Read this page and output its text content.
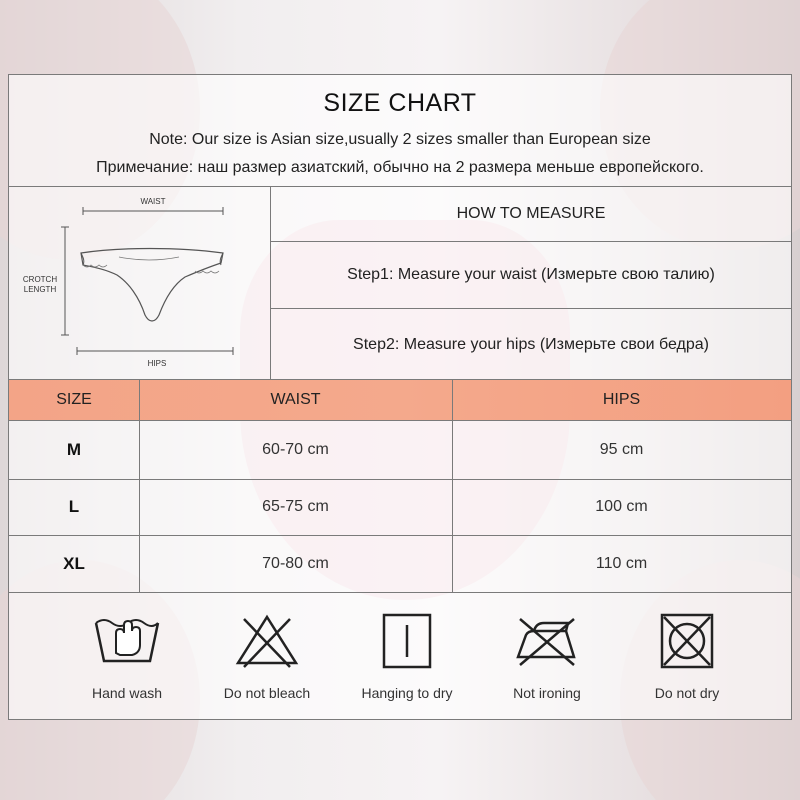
SIZE CHART
Note: Our size is Asian size,usually 2 sizes smaller than European size
Примечание: наш размер азиатский, обычно на 2 размера меньше европейского.
WAIST
CROTCH
LENGTH
HIPS
HOW TO MEASURE
Step1: Measure your waist (Измерьте свою талию)
Step2: Measure your hips (Измерьте свои бедра)
SIZE	WAIST	HIPS
M	60-70 cm	95 cm
L	65-75 cm	100 cm
XL	70-80 cm	110 cm
Hand wash	Do not bleach	Hanging to dry	Not ironing	Do not dry
